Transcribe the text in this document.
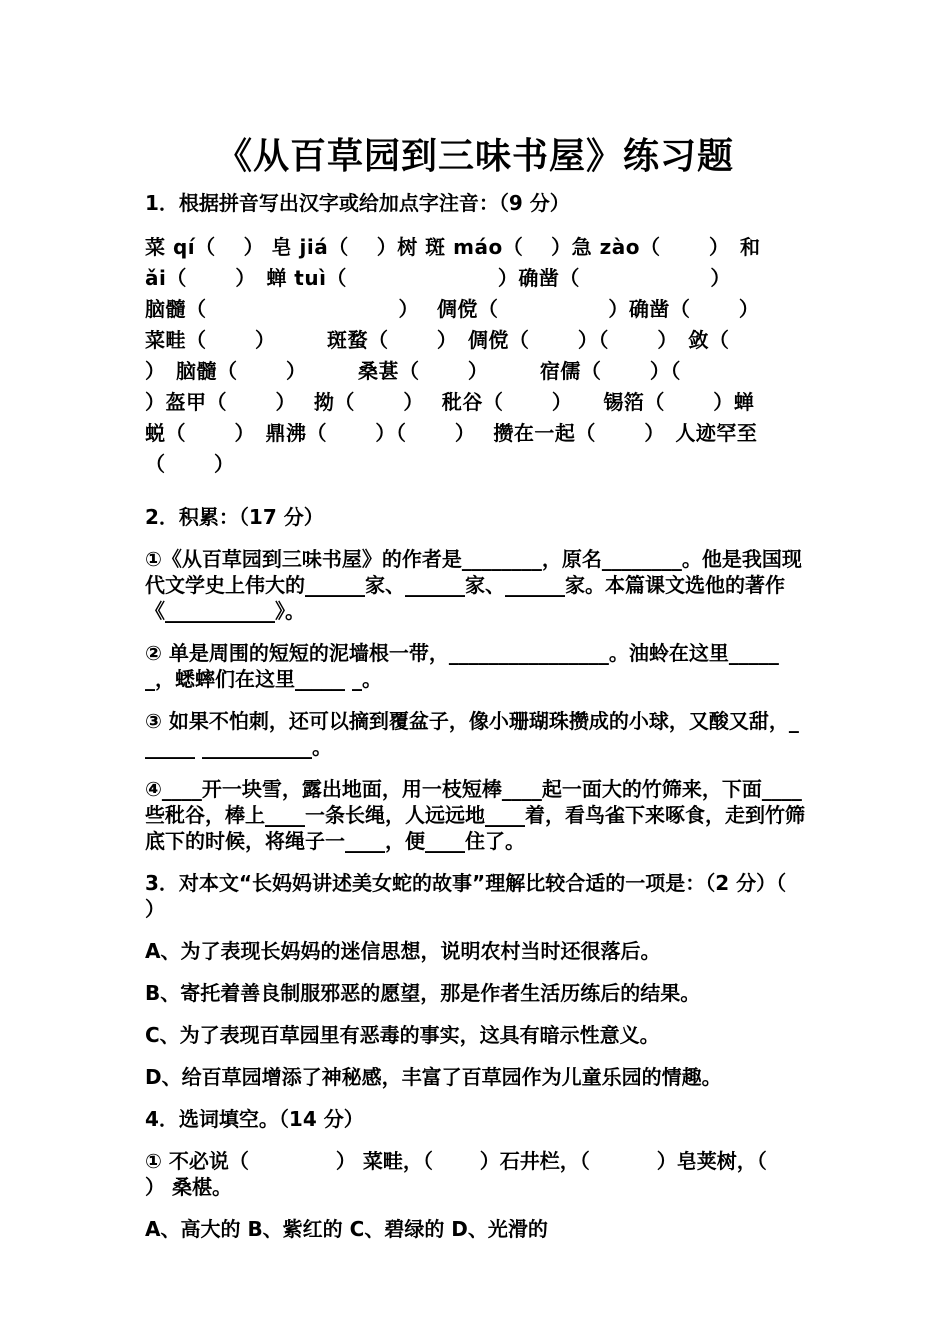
《从百草园到三味书屋》练习题
1．根据拼音写出汉字或给加点字注音：（9 分）
菜 qí（　 ） 皂 jiá（　 ）树 斑 máo（　 ）急 zào（　　 ）　和
ǎi（　　 ）　蝉 tuì（　　　　　　　 ）确凿（　　　　　　 ）
脑髓（　　　　　　　　　 ）　 倜傥（　　　　　 ）确凿（　　 ）
菜畦（　　 ）　　　斑蝥（　　 ）　倜傥（　　 ）（　　 ）　敛（
）　脑髓（　　 ）　　　桑葚（　　 ）　　　宿儒（　　 ）（
）盔甲（　　 ）　 拗（　　 ）　 秕谷（　　 ）　　锡箔（　　 ）蝉
蜕（　　 ）　鼎沸（　　 ）（　　 ）　 攒在一起（　　 ）　人迹罕至
（　　 ）
2．积累：（17 分）
①《从百草园到三味书屋》的作者是________，原名________。他是我国现代文学史上伟大的______家、______家、______家。本篇课文选他的著作《___________》。
② 单是周围的短短的泥墙根一带，________________。油蛉在这里______，蟋蟀们在这里_____ _。
③ 如果不怕刺，还可以摘到覆盆子，像小珊瑚珠攒成的小球，又酸又甜，______ ___________。
④____开一块雪，露出地面，用一枝短棒____起一面大的竹筛来，下面____些秕谷，棒上____一条长绳，人远远地____着，看鸟雀下来啄食，走到竹筛底下的时候，将绳子一____，便____住了。
3．对本文“长妈妈讲述美女蛇的故事”理解比较合适的一项是：（2 分）（　　 ）
A、为了表现长妈妈的迷信思想，说明农村当时还很落后。
B、寄托着善良制服邪恶的愿望，那是作者生活历练后的结果。
C、为了表现百草园里有恶毒的事实，这具有暗示性意义。
D、给百草园增添了神秘感，丰富了百草园作为儿童乐园的情趣。
4．选词填空。（14 分）
① 不必说（　　　　 ） 菜畦，（　　 ）石井栏，（　　　 ）皂荚树，（　　　 ） 桑椹。
A、高大的 B、紫红的 C、碧绿的 D、光滑的
